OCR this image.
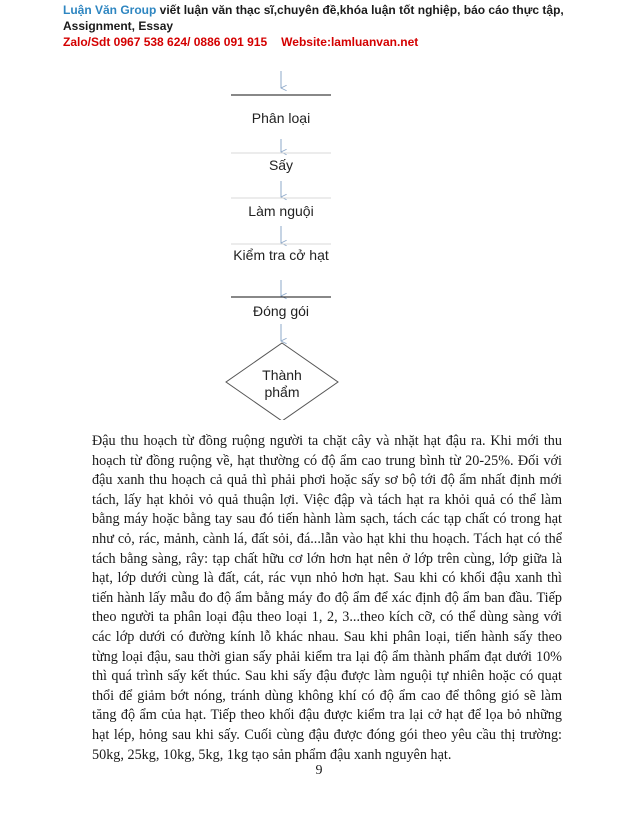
Luận Văn Group viết luận văn thạc sĩ,chuyên đề,khóa luận tốt nghiệp, báo cáo thực tập, Assignment, Essay
Zalo/Sdt 0967 538 624/ 0886 091 915 Website:lamluanvan.net
Phân loại
Sấy
Làm nguội
Kiểm tra cở hạt
Đóng gói
Thành phẩm

Đậu thu hoạch từ đồng ruộng người ta chặt cây và nhặt hạt đậu ra. Khi mới thu hoạch từ đồng ruộng về, hạt thường có độ ẩm cao trung bình từ 20-25%. Đối với đậu xanh thu hoạch cả quả thì phải phơi hoặc sấy sơ bộ tới độ ẩm nhất định mới tách, lấy hạt khỏi vỏ quả thuận lợi. Việc đập và tách hạt ra khỏi quả có thể làm bằng máy hoặc bằng tay sau đó tiến hành làm sạch, tách các tạp chất có trong hạt như cỏ, rác, mảnh, cành lá, đất sỏi, đá...lẫn vào hạt khi thu hoạch. Tách hạt có thể tách bằng sàng, rây: tạp chất hữu cơ lớn hơn hạt nên ở lớp trên cùng, lớp giữa là hạt, lớp dưới cùng là đất, cát, rác vụn nhỏ hơn hạt. Sau khi có khối đậu xanh thì tiến hành lấy mẫu đo độ ẩm bằng máy đo độ ẩm để xác định độ ẩm ban đầu. Tiếp theo người ta phân loại đậu theo loại 1, 2, 3...theo kích cỡ, có thể dùng sàng với các lớp dưới có đường kính lỗ khác nhau. Sau khi phân loại, tiến hành sấy theo từng loại đậu, sau thời gian sấy phải kiểm tra lại độ ẩm thành phẩm đạt dưới 10% thì quá trình sấy kết thúc. Sau khi sấy đậu được làm nguội tự nhiên hoặc có quạt thổi để giảm bớt nóng, tránh dùng không khí có độ ẩm cao để thông gió sẽ làm tăng độ ẩm của hạt. Tiếp theo khối đậu được kiểm tra lại cở hạt để lọa bỏ những hạt lép, hỏng sau khi sấy. Cuối cùng đậu được đóng gói theo yêu cầu thị trường: 50kg, 25kg, 10kg, 5kg, 1kg tạo sản phẩm đậu xanh nguyên hạt.

9
